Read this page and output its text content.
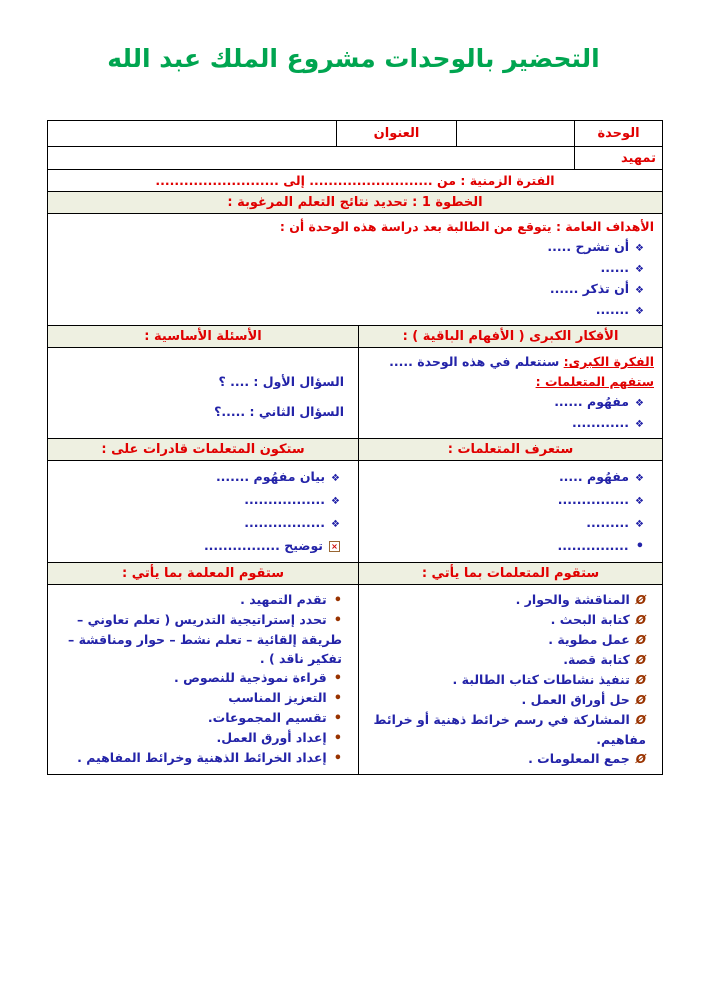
التحضير بالوحدات مشروع الملك عبد الله
الوحدة
العنوان
تمهيد
الفترة الزمنية : من .......................... إلى ..........................
الخطوة 1 : تحديد نتائج التعلم المرغوبة :
الأهداف العامة : يتوقع من الطالبة بعد دراسة هذه الوحدة أن :
❖أن تشرح .....
❖......
❖أن تذكر ......
❖.......
الأفكار الكبرى ( الأفهام الباقية ) :
الأسئلة الأساسية :
الفكرة الكبرى: سنتعلم في هذه الوحدة .....
ستفهم المتعلمات :
❖مفهُوم ......
❖............
السؤال الأول : .... ؟
السؤال الثاني : .....؟
ستعرف المتعلمات :
ستكون المتعلمات قادرات على :
❖مفهُوم .....
❖...............
❖.........
•...............
❖بيان مفهُوم .......
❖.................
❖.................
×توضيح ................
ستقوم المتعلمات بما يأتي :
ستقوم المعلمة بما يأتي :
Øالمناقشة والحوار .
Øكتابة البحث .
Øعمل مطوية .
Øكتابة قصة.
Øتنفيذ نشاطات كتاب الطالبة .
Øحل أوراق العمل .
Øالمشاركة في رسم خرائط ذهنية أو خرائط مفاهيم.
Øجمع المعلومات .
•تقدم التمهيد .
•تحدد إستراتيجية التدريس ( تعلم تعاوني – طريقة إلقائية – تعلم نشط – حوار ومناقشة – تفكير ناقد ) .
•قراءة نموذجية للنصوص .
•التعزيز المناسب
•تقسيم المجموعات.
•إعداد أورق العمل.
•إعداد الخرائط الذهنية وخرائط المفاهيم .
